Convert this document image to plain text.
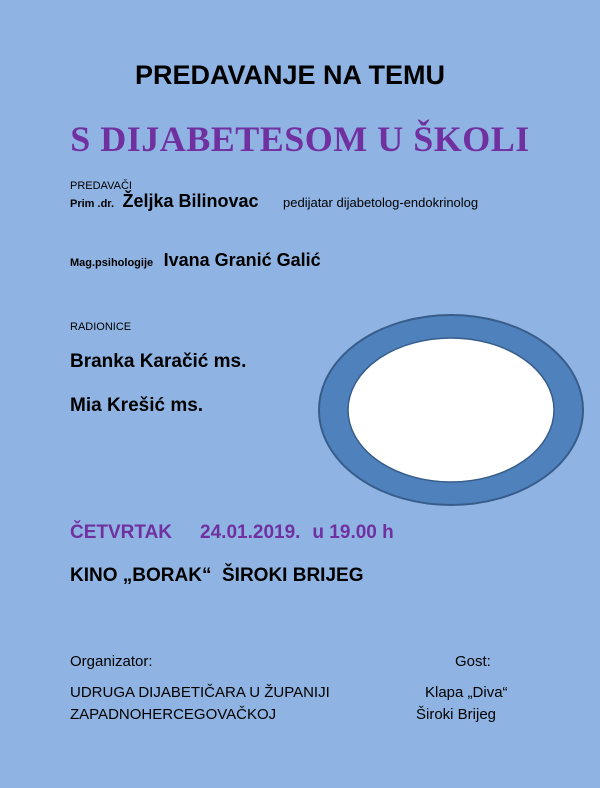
PREDAVANJE NA TEMU
S DIJABETESOM U ŠKOLI
PREDAVAČI
Prim .dr. Željka Bilinovac pedijatar dijabetolog-endokrinolog
Mag.psihologije Ivana Granić Galić
RADIONICE
Branka Karačić ms.
Mia Krešić ms.
ČETVRTAK 24.01.2019. u 19.00 h
KINO „BORAK“  ŠIROKI BRIJEG
Organizator:	Gost:
UDRUGA DIJABETIČARA U ŽUPANIJI
ZAPADNOHERCEGOVAČKOJ
Klapa „Diva“
Široki Brijeg
